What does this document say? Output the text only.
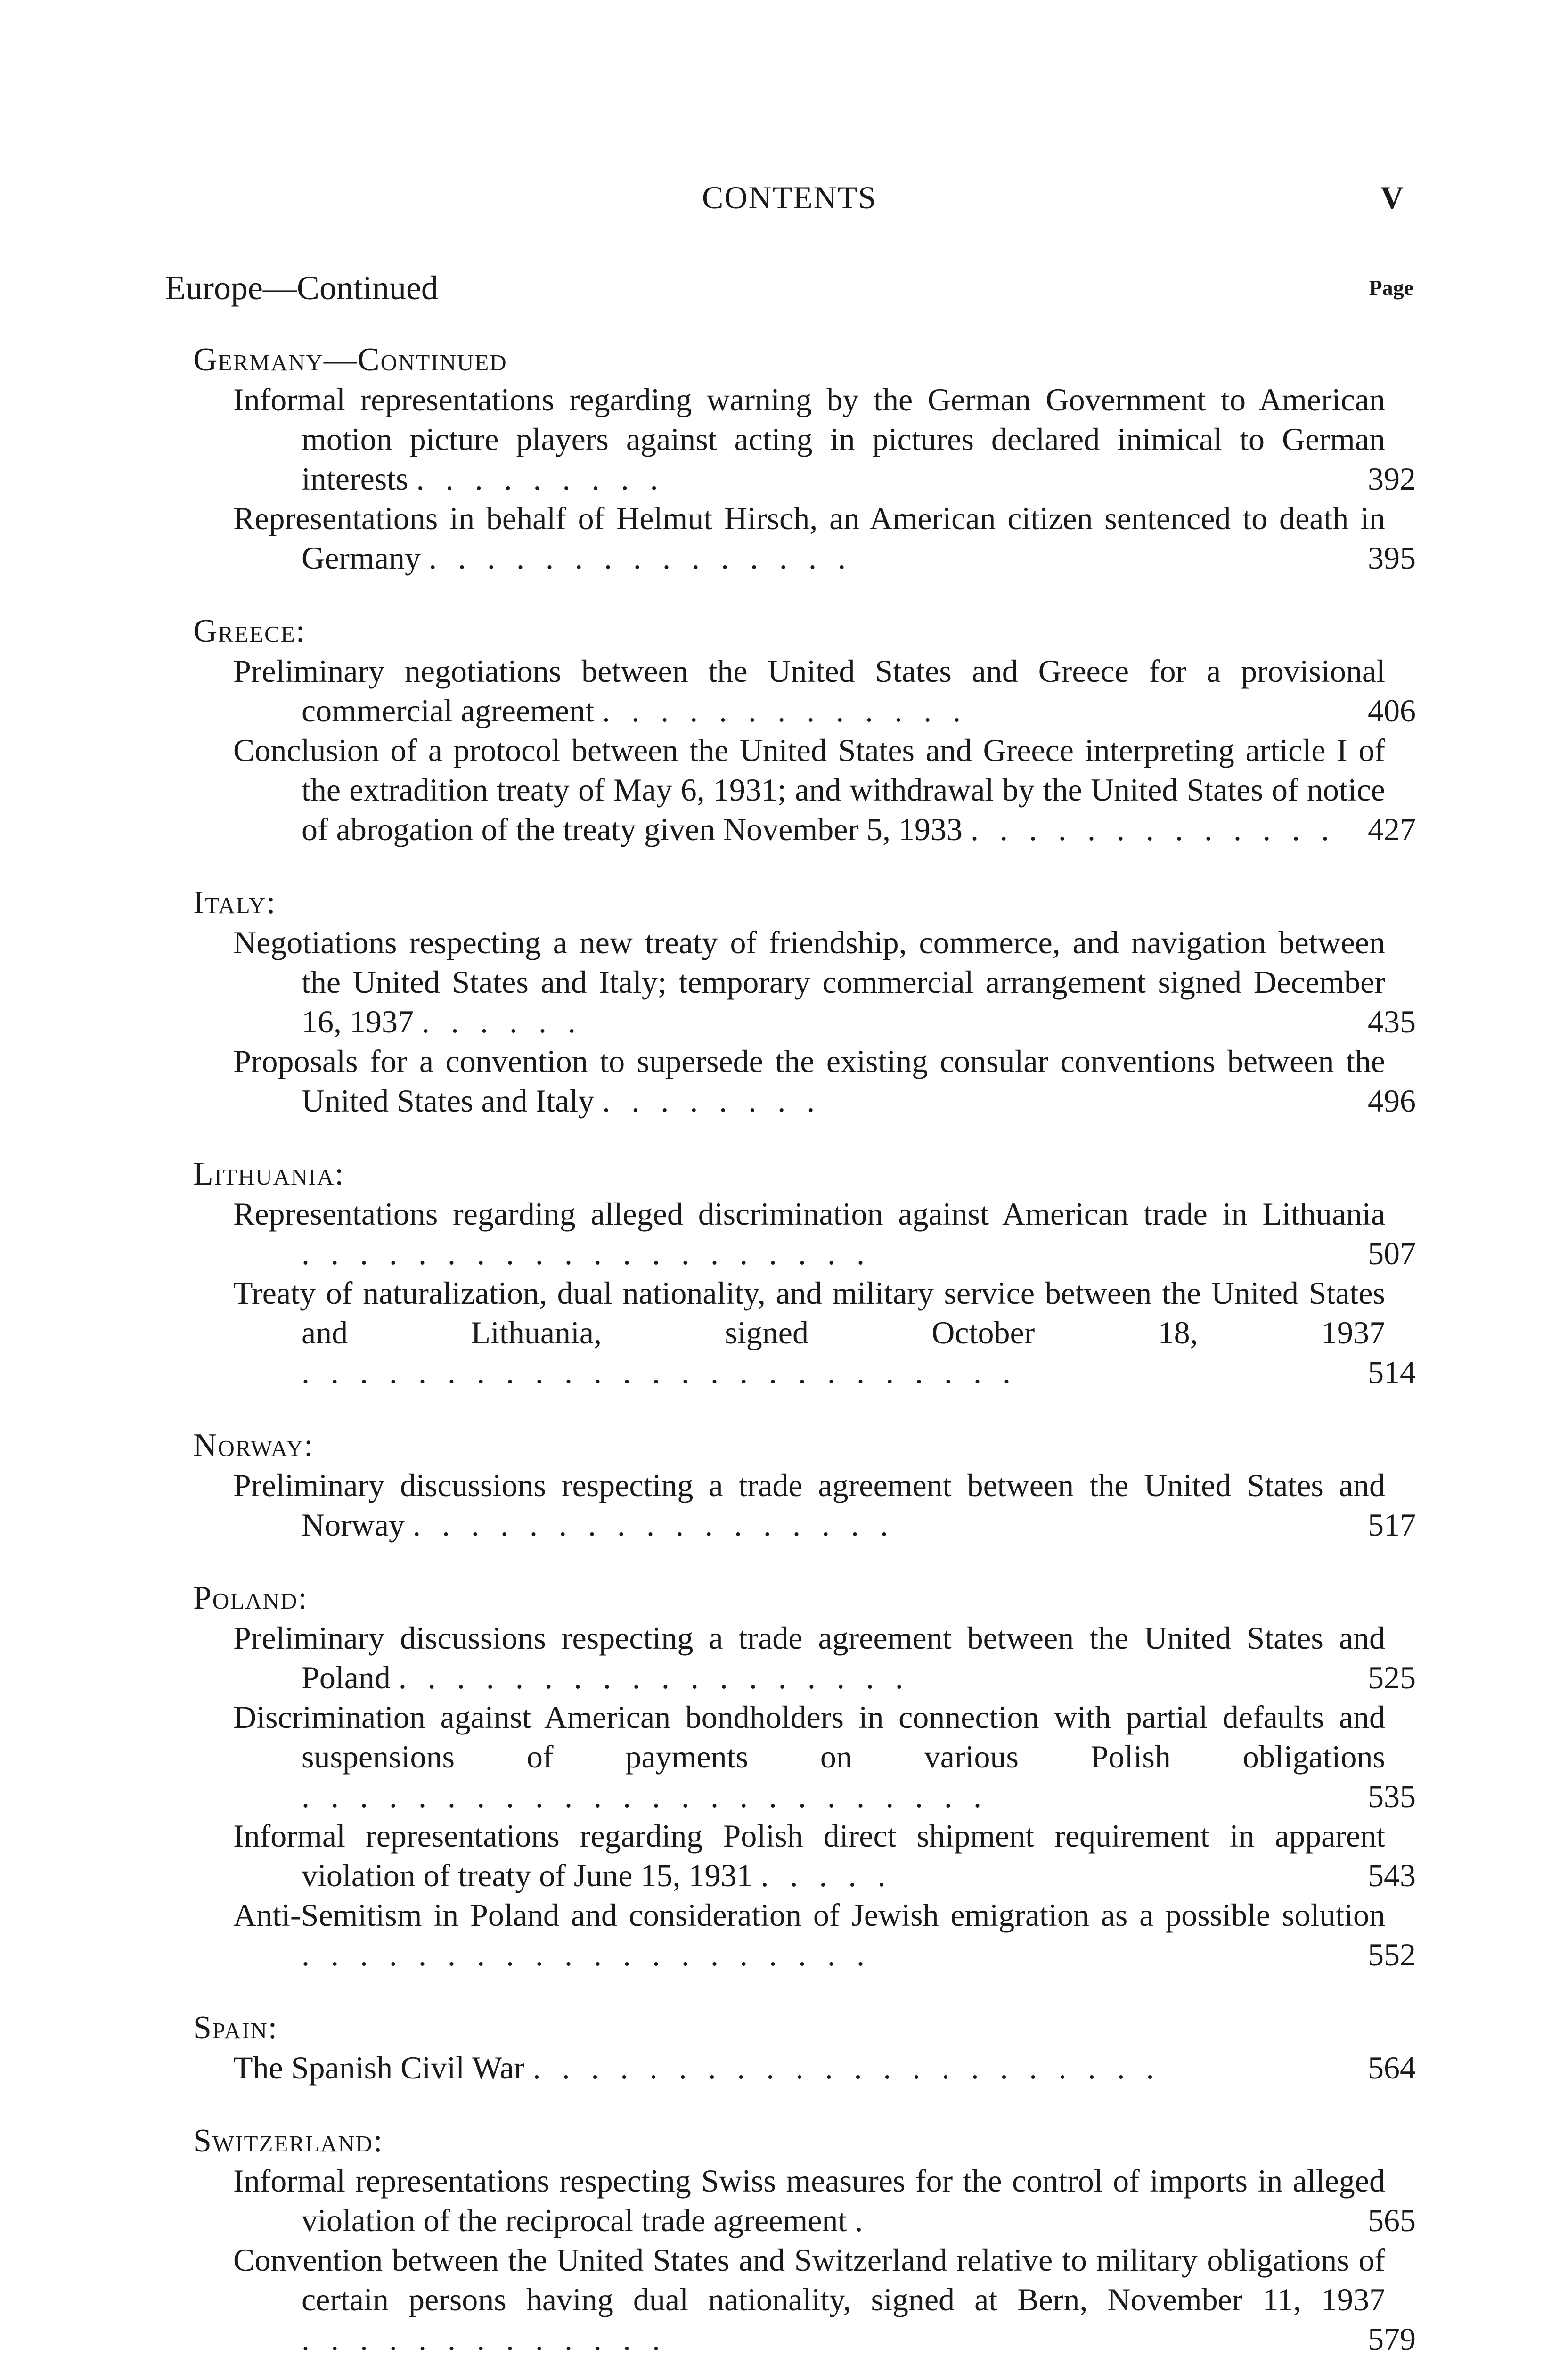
CONTENTS	V
Europe—Continued	Page
Germany—Continued
Informal representations regarding warning by the German Government to American motion picture players against acting in pictures declared inimical to German interests . . . . . . . . .	392
Representations in behalf of Helmut Hirsch, an American citizen sentenced to death in Germany . . . . . . . . . . . . . . .	395
Greece:
Preliminary negotiations between the United States and Greece for a provisional commercial agreement . . . . . . . . . . . . .	406
Conclusion of a protocol between the United States and Greece interpreting article I of the extradition treaty of May 6, 1931; and withdrawal by the United States of notice of abrogation of the treaty given November 5, 1933 . . . . . . . . . . . . . 427
Italy:
Negotiations respecting a new treaty of friendship, commerce, and navigation between the United States and Italy; temporary commercial arrangement signed December 16, 1937 . . . . . .	435
Proposals for a convention to supersede the existing consular conventions between the United States and Italy . . . . . . . .	496
Lithuania:
Representations regarding alleged discrimination against American trade in Lithuania . . . . . . . . . . . . . . . . . . . .	507
Treaty of naturalization, dual nationality, and military service between the United States and Lithuania, signed October 18, 1937 . . . . . . . . . . . . . . . . . . . . . . . . .	514
Norway:
Preliminary discussions respecting a trade agreement between the United States and Norway . . . . . . . . . . . . . . . . .	517
Poland:
Preliminary discussions respecting a trade agreement between the United States and Poland . . . . . . . . . . . . . . . . . .	525
Discrimination against American bondholders in connection with partial defaults and suspensions of payments on various Polish obligations . . . . . . . . . . . . . . . . . . . . . . . .	535
Informal representations regarding Polish direct shipment requirement in apparent violation of treaty of June 15, 1931 . . . . .	543
Anti-Semitism in Poland and consideration of Jewish emigration as a possible solution . . . . . . . . . . . . . . . . . . . .	552
Spain:
The Spanish Civil War . . . . . . . . . . . . . . . . . . . . . .	564
Switzerland:
Informal representations respecting Swiss measures for the control of imports in alleged violation of the reciprocal trade agreement .	565
Convention between the United States and Switzerland relative to military obligations of certain persons having dual nationality, signed at Bern, November 11, 1937 . . . . . . . . . . . . .	579
